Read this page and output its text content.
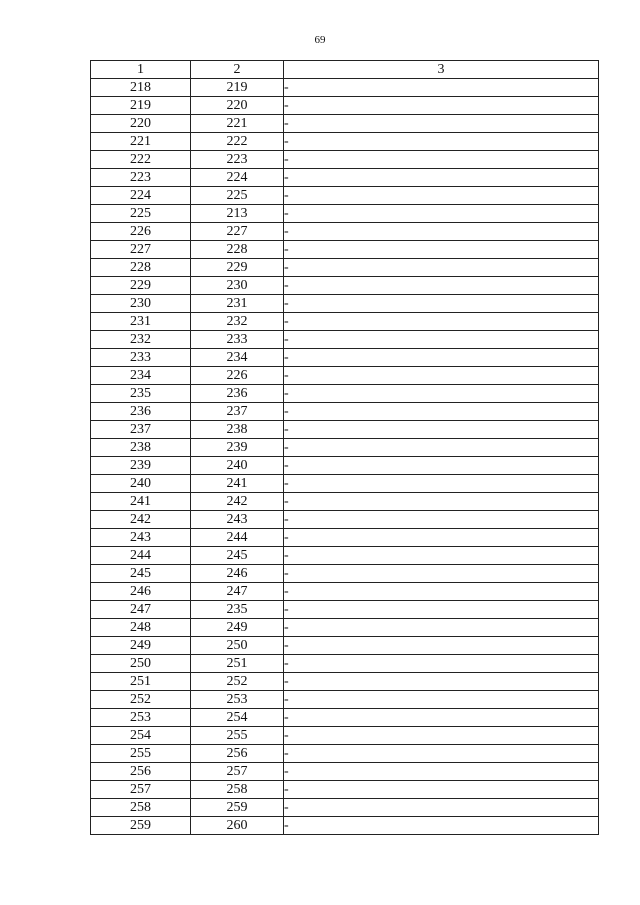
69
1	2	3
218	219	-
219	220	-
220	221	-
221	222	-
222	223	-
223	224	-
224	225	-
225	213	-
226	227	-
227	228	-
228	229	-
229	230	-
230	231	-
231	232	-
232	233	-
233	234	-
234	226	-
235	236	-
236	237	-
237	238	-
238	239	-
239	240	-
240	241	-
241	242	-
242	243	-
243	244	-
244	245	-
245	246	-
246	247	-
247	235	-
248	249	-
249	250	-
250	251	-
251	252	-
252	253	-
253	254	-
254	255	-
255	256	-
256	257	-
257	258	-
258	259	-
259	260	-
